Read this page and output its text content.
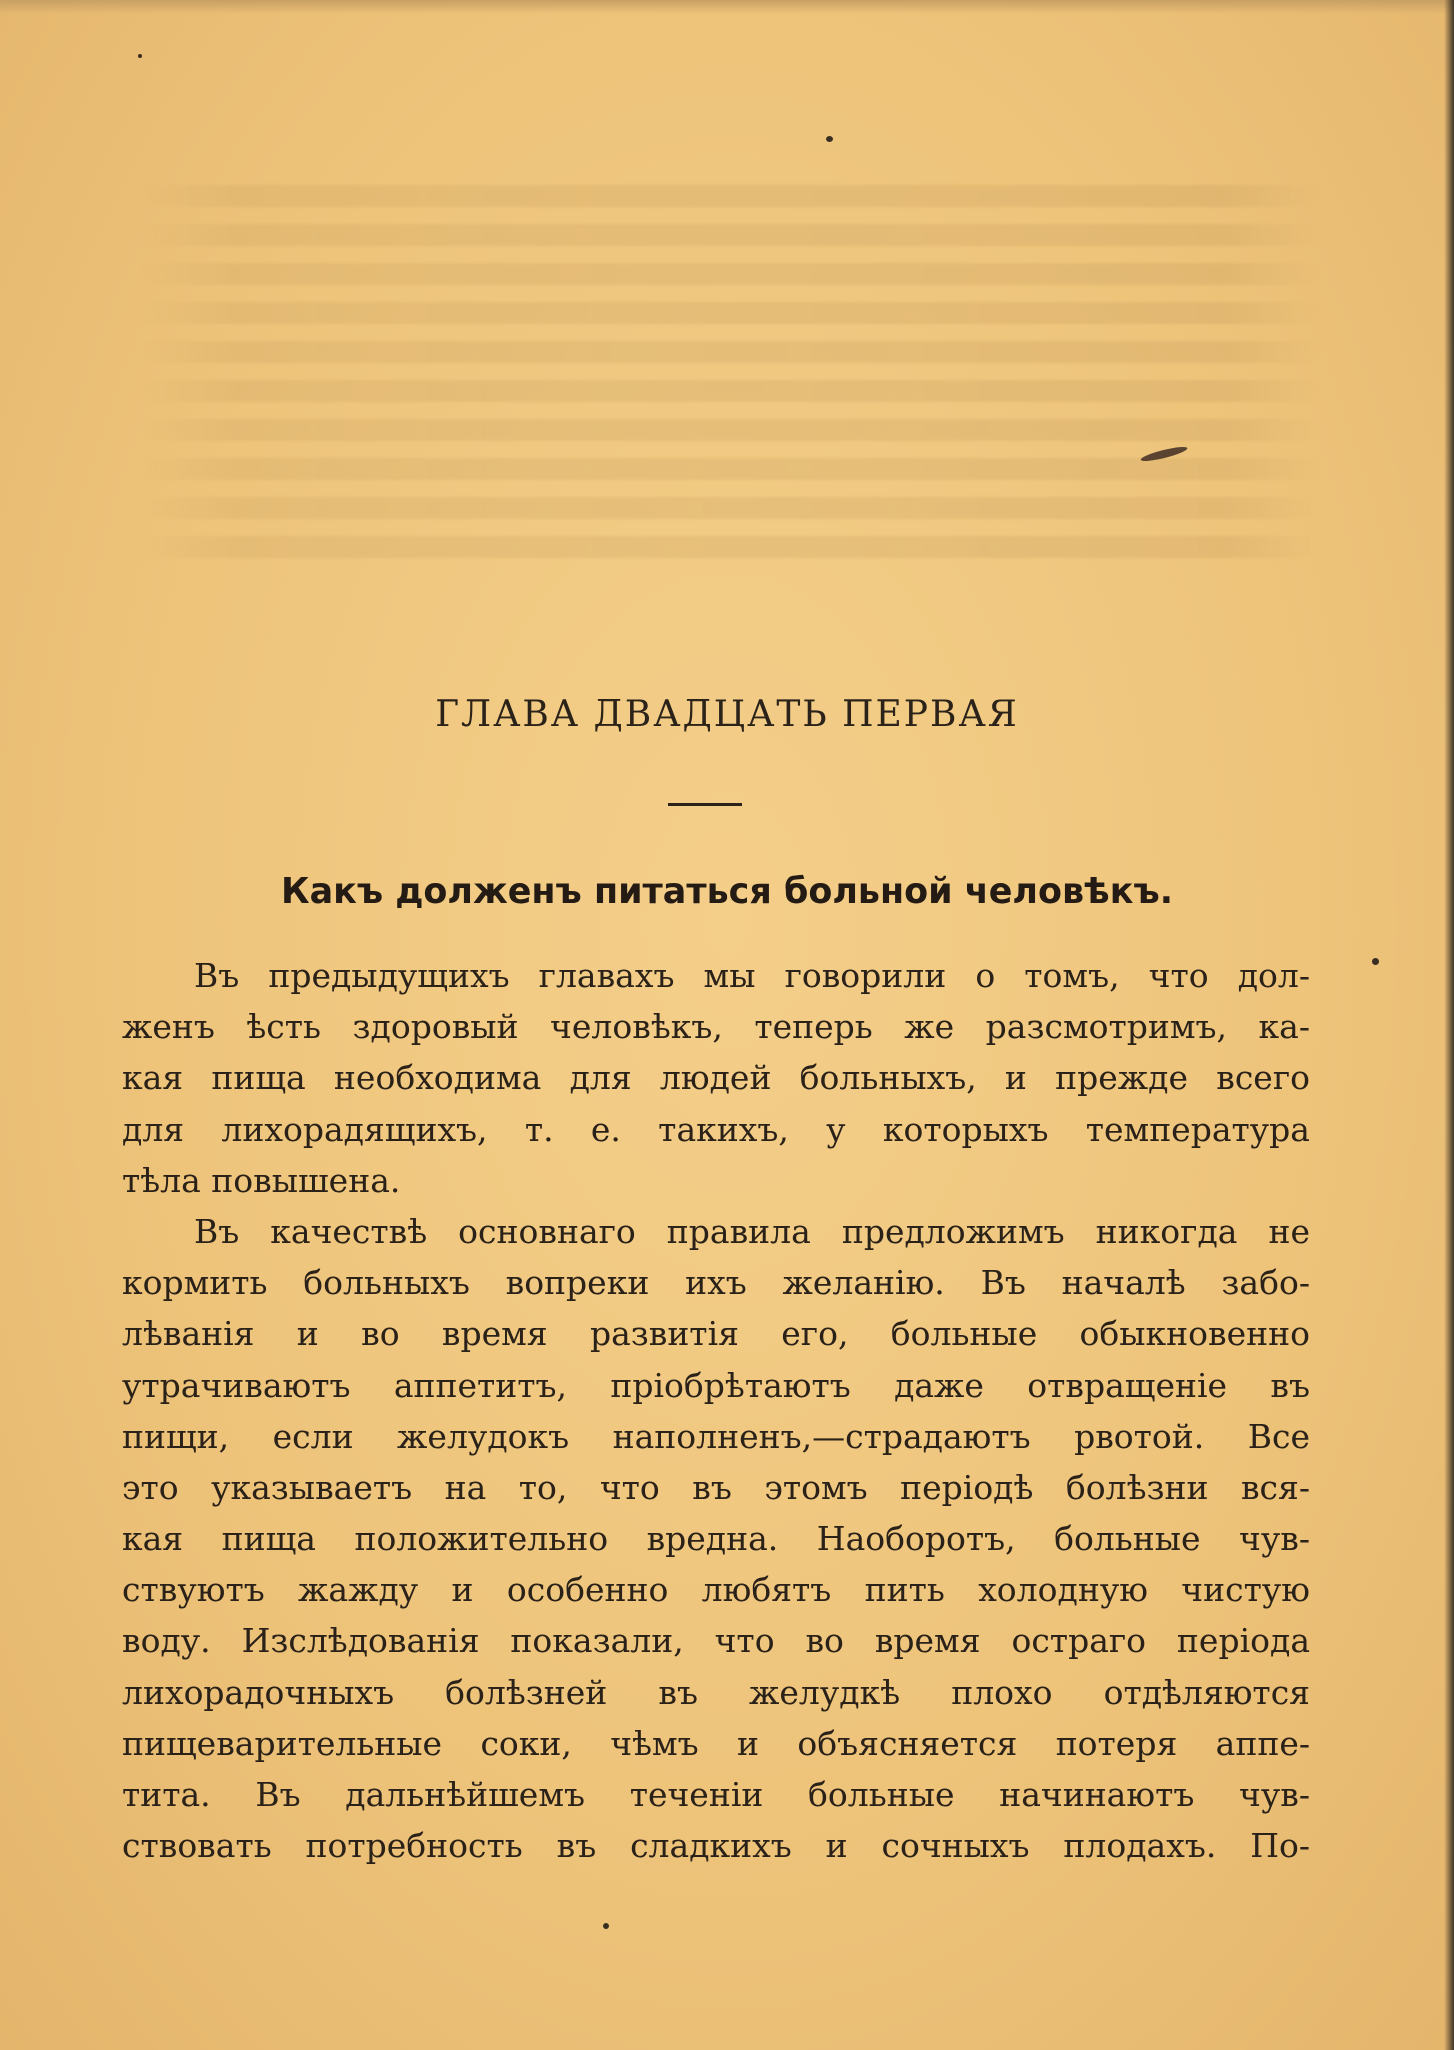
ГЛАВА ДВАДЦАТЬ ПЕРВАЯ
Какъ долженъ питаться больной человѣкъ.
Въ предыдущихъ главахъ мы говорили о томъ, что дол-
женъ ѣсть здоровый человѣкъ, теперь же разсмотримъ, ка-
кая пища необходима для людей больныхъ, и прежде всего
для лихорадящихъ, т. е. такихъ, у которыхъ температура
тѣла повышена.
Въ качествѣ основнаго правила предложимъ никогда не
кормить больныхъ вопреки ихъ желанію. Въ началѣ забо-
лѣванія и во время развитія его, больные обыкновенно
утрачиваютъ аппетитъ, пріобрѣтаютъ даже отвращеніе въ
пищи, если желудокъ наполненъ,—страдаютъ рвотой. Все
это указываетъ на то, что въ этомъ періодѣ болѣзни вся-
кая пища положительно вредна. Наоборотъ, больные чув-
ствуютъ жажду и особенно любятъ пить холодную чистую
воду. Изслѣдованія показали, что во время остраго періода
лихорадочныхъ болѣзней въ желудкѣ плохо отдѣляются
пищеварительные соки, чѣмъ и объясняется потеря аппе-
тита. Въ дальнѣйшемъ теченіи больные начинаютъ чув-
ствовать потребность въ сладкихъ и сочныхъ плодахъ. По-
